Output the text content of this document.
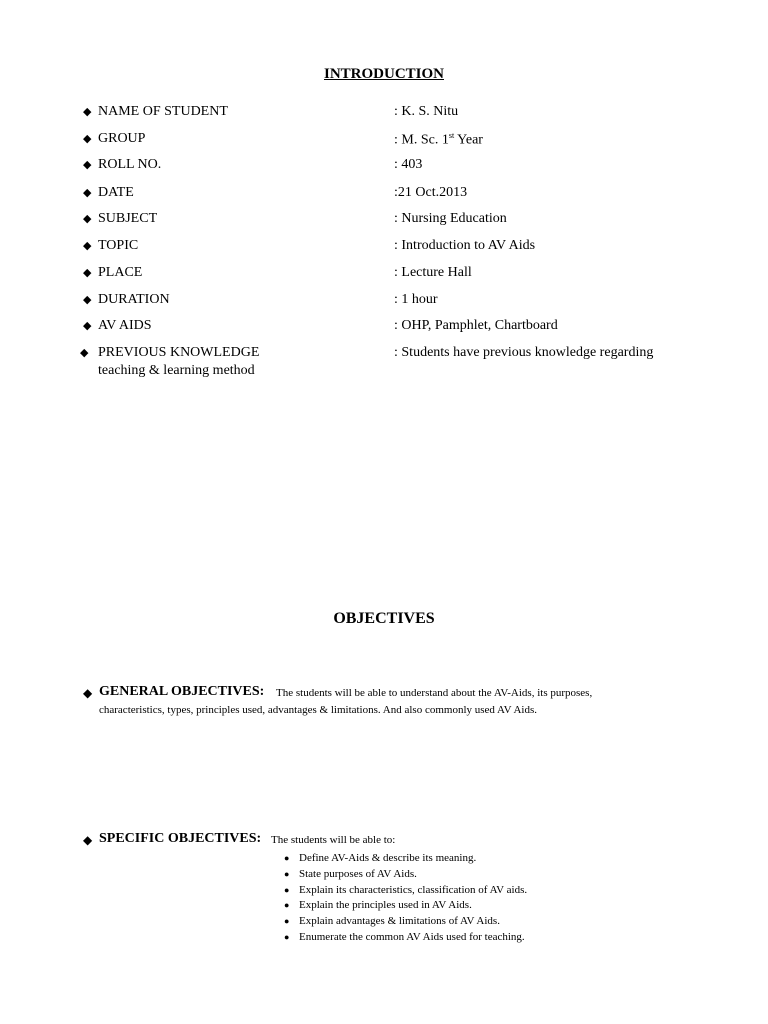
INTRODUCTION
◆ NAME OF STUDENT	: K. S. Nitu
◆ GROUP	: M. Sc. 1st Year
◆ ROLL NO.	: 403
◆ DATE	:21 Oct.2013
◆ SUBJECT	: Nursing Education
◆ TOPIC	: Introduction to AV Aids
◆ PLACE	: Lecture Hall
◆ DURATION	: 1 hour
◆ AV AIDS	: OHP, Pamphlet, Chartboard
◆ PREVIOUS KNOWLEDGE	: Students have previous knowledge regarding
teaching & learning method
OBJECTIVES
◆ GENERAL OBJECTIVES: The students will be able to understand about the AV-Aids, its purposes,
characteristics, types, principles used, advantages & limitations. And also commonly used AV Aids.
◆ SPECIFIC OBJECTIVES: The students will be able to:
● Define AV-Aids & describe its meaning.
● State purposes of AV Aids.
● Explain its characteristics, classification of AV aids.
● Explain the principles used in AV Aids.
● Explain advantages & limitations of AV Aids.
● Enumerate the common AV Aids used for teaching.
